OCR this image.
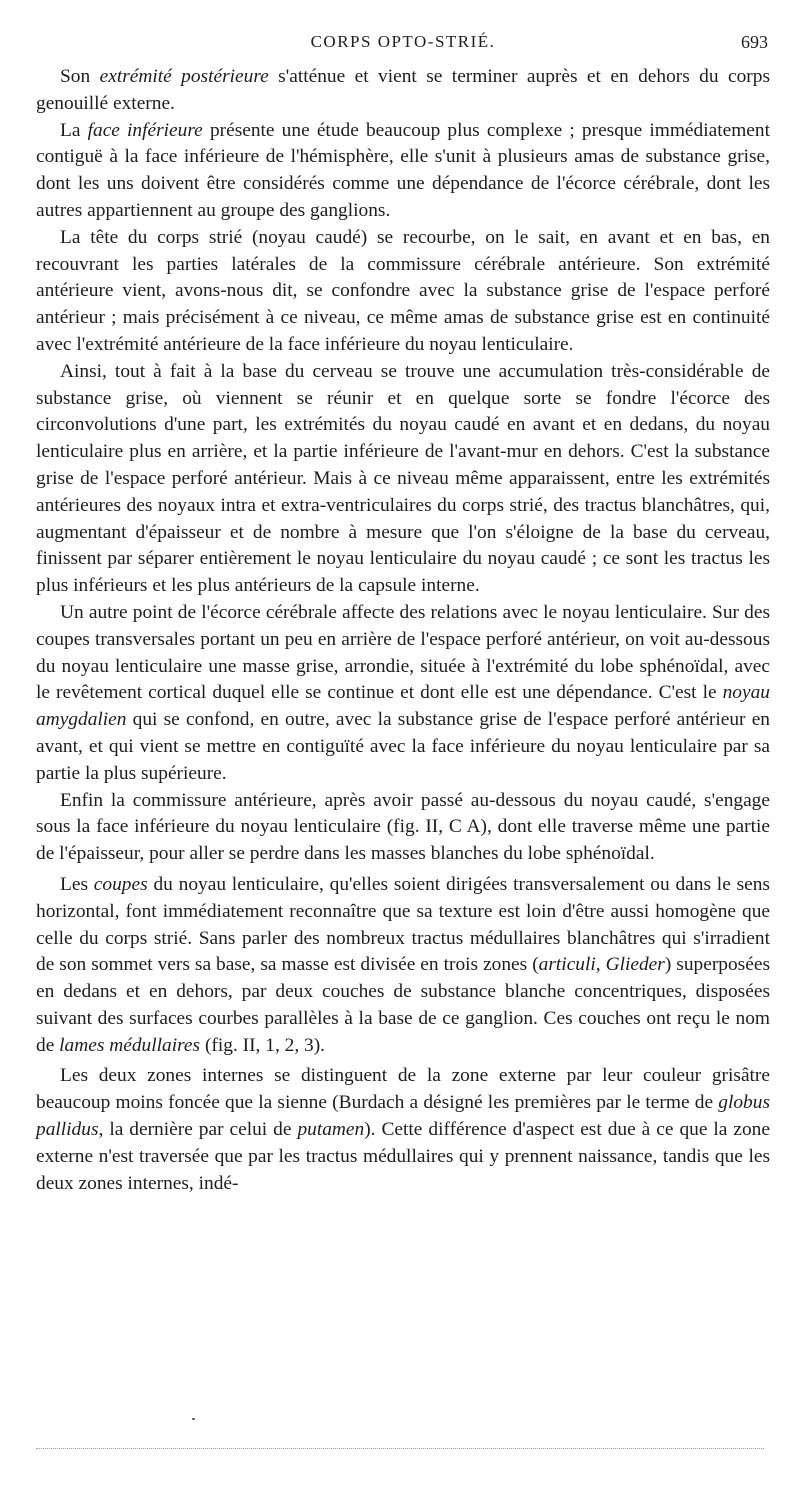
CORPS OPTO-STRIÉ.	693

Son extrémité postérieure s'atténue et vient se terminer auprès et en dehors du corps genouillé externe.

La face inférieure présente une étude beaucoup plus complexe ; presque immédiatement contiguë à la face inférieure de l'hémisphère, elle s'unit à plusieurs amas de substance grise, dont les uns doivent être considérés comme une dépendance de l'écorce cérébrale, dont les autres appartiennent au groupe des ganglions.

La tête du corps strié (noyau caudé) se recourbe, on le sait, en avant et en bas, en recouvrant les parties latérales de la commissure cérébrale antérieure. Son extrémité antérieure vient, avons-nous dit, se confondre avec la substance grise de l'espace perforé antérieur ; mais précisément à ce niveau, ce même amas de substance grise est en continuité avec l'extrémité antérieure de la face inférieure du noyau lenticulaire.

Ainsi, tout à fait à la base du cerveau se trouve une accumulation très-considérable de substance grise, où viennent se réunir et en quelque sorte se fondre l'écorce des circonvolutions d'une part, les extrémités du noyau caudé en avant et en dedans, du noyau lenticulaire plus en arrière, et la partie inférieure de l'avant-mur en dehors. C'est la substance grise de l'espace perforé antérieur. Mais à ce niveau même apparaissent, entre les extrémités antérieures des noyaux intra et extra-ventriculaires du corps strié, des tractus blanchâtres, qui, augmentant d'épaisseur et de nombre à mesure que l'on s'éloigne de la base du cerveau, finissent par séparer entièrement le noyau lenticulaire du noyau caudé ; ce sont les tractus les plus inférieurs et les plus antérieurs de la capsule interne.

Un autre point de l'écorce cérébrale affecte des relations avec le noyau lenticulaire. Sur des coupes transversales portant un peu en arrière de l'espace perforé antérieur, on voit au-dessous du noyau lenticulaire une masse grise, arrondie, située à l'extrémité du lobe sphénoïdal, avec le revêtement cortical duquel elle se continue et dont elle est une dépendance. C'est le noyau amygdalien qui se confond, en outre, avec la substance grise de l'espace perforé antérieur en avant, et qui vient se mettre en contiguïté avec la face inférieure du noyau lenticulaire par sa partie la plus supérieure.

Enfin la commissure antérieure, après avoir passé au-dessous du noyau caudé, s'engage sous la face inférieure du noyau lenticulaire (fig. II, C A), dont elle traverse même une partie de l'épaisseur, pour aller se perdre dans les masses blanches du lobe sphénoïdal.

Les coupes du noyau lenticulaire, qu'elles soient dirigées transversalement ou dans le sens horizontal, font immédiatement reconnaître que sa texture est loin d'être aussi homogène que celle du corps strié. Sans parler des nombreux tractus médullaires blanchâtres qui s'irradient de son sommet vers sa base, sa masse est divisée en trois zones (articuli, Glieder) superposées en dedans et en dehors, par deux couches de substance blanche concentriques, disposées suivant des surfaces courbes parallèles à la base de ce ganglion. Ces couches ont reçu le nom de lames médullaires (fig. II, 1, 2, 3).

Les deux zones internes se distinguent de la zone externe par leur couleur grisâtre beaucoup moins foncée que la sienne (Burdach a désigné les premières par le terme de globus pallidus, la dernière par celui de putamen). Cette différence d'aspect est due à ce que la zone externe n'est traversée que par les tractus médullaires qui y prennent naissance, tandis que les deux zones internes, indé-
